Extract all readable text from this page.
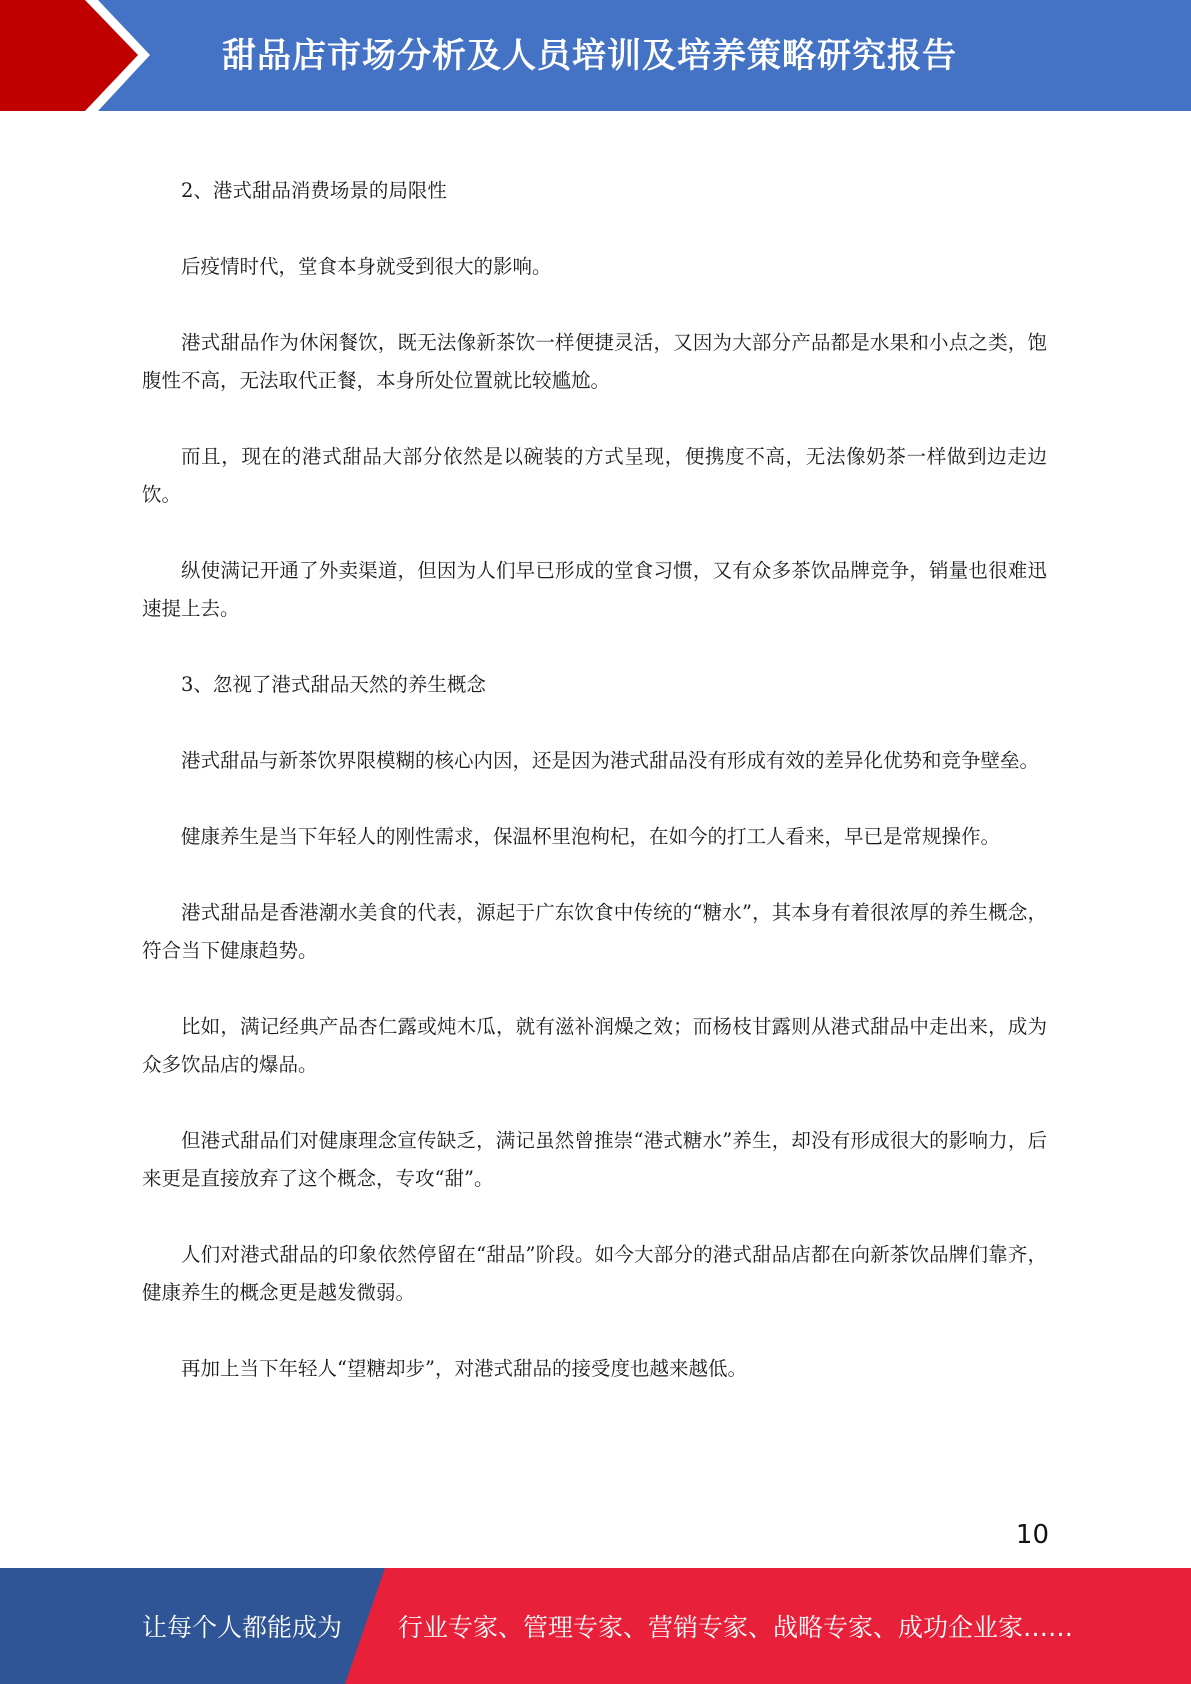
甜品店市场分析及人员培训及培养策略研究报告

2、港式甜品消费场景的局限性

后疫情时代，堂食本身就受到很大的影响。

港式甜品作为休闲餐饮，既无法像新茶饮一样便捷灵活，又因为大部分产品都是水果和小点之类，饱腹性不高，无法取代正餐，本身所处位置就比较尴尬。

而且，现在的港式甜品大部分依然是以碗装的方式呈现，便携度不高，无法像奶茶一样做到边走边饮。

纵使满记开通了外卖渠道，但因为人们早已形成的堂食习惯，又有众多茶饮品牌竞争，销量也很难迅速提上去。

3、忽视了港式甜品天然的养生概念

港式甜品与新茶饮界限模糊的核心内因，还是因为港式甜品没有形成有效的差异化优势和竞争壁垒。

健康养生是当下年轻人的刚性需求，保温杯里泡枸杞，在如今的打工人看来，早已是常规操作。

港式甜品是香港潮水美食的代表，源起于广东饮食中传统的“糖水”，其本身有着很浓厚的养生概念，符合当下健康趋势。

比如，满记经典产品杏仁露或炖木瓜，就有滋补润燥之效；而杨枝甘露则从港式甜品中走出来，成为众多饮品店的爆品。

但港式甜品们对健康理念宣传缺乏，满记虽然曾推崇“港式糖水”养生，却没有形成很大的影响力，后来更是直接放弃了这个概念，专攻“甜”。

人们对港式甜品的印象依然停留在“甜品”阶段。如今大部分的港式甜品店都在向新茶饮品牌们靠齐，健康养生的概念更是越发微弱。

再加上当下年轻人“望糖却步”，对港式甜品的接受度也越来越低。

10
让每个人都能成为 行业专家、管理专家、营销专家、战略专家、成功企业家……
